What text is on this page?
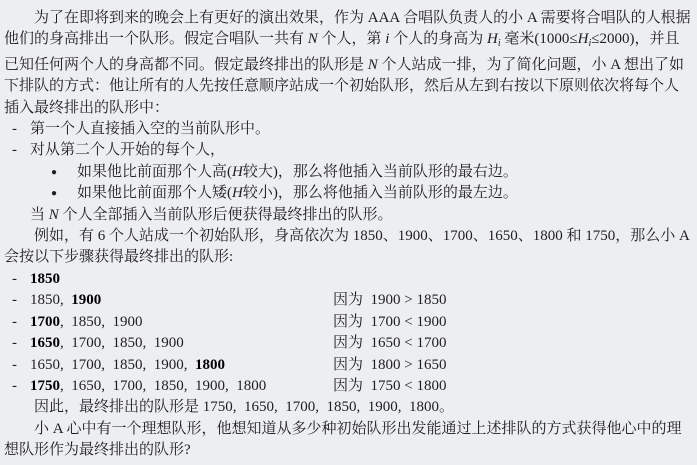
为了在即将到来的晚会上有更好的演出效果，作为 AAA 合唱队负责人的小 A 需要将合唱队的人根据他们的身高排出一个队形。假定合唱队一共有 N 个人，第 i 个人的身高为 $H_i$ 毫米$(1000\le H_i\le 2000)$，并且已知任何两个人的身高都不同。假定最终排出的队形是 N 个人站成一排，为了简化问题，小 A 想出了如下排队的方式：他让所有的人先按任意顺序站成一个初始队形，然后从左到右按以下原则依次将每个人插入最终排出的队形中：

- 第一个人直接插入空的当前队形中。
- 对从第二个人开始的每个人，
● 如果他比前面那个人高(H较大)，那么将他插入当前队形的最右边。
● 如果他比前面那个人矮(H较小)，那么将他插入当前队形的最左边。

当 N 个人全部插入当前队形后便获得最终排出的队形。

例如，有 6 个人站成一个初始队形，身高依次为 1850、1900、1700、1650、1800 和 1750，那么小 A 会按以下步骤获得最终排出的队形:

- 1850
- 1850,  1900	因为  1900 > 1850
- 1700,  1850,  1900	因为  1700 < 1900
- 1650,  1700,  1850,  1900	因为  1650 < 1700
- 1650,  1700,  1850,  1900,  1800	因为  1800 > 1650
- 1750,  1650,  1700,  1850,  1900,  1800	因为  1750 < 1800

因此，最终排出的队形是 1750,  1650,  1700,  1850,  1900,  1800。

小 A 心中有一个理想队形，他想知道从多少种初始队形出发能通过上述排队的方式获得他心中的理想队形作为最终排出的队形?
